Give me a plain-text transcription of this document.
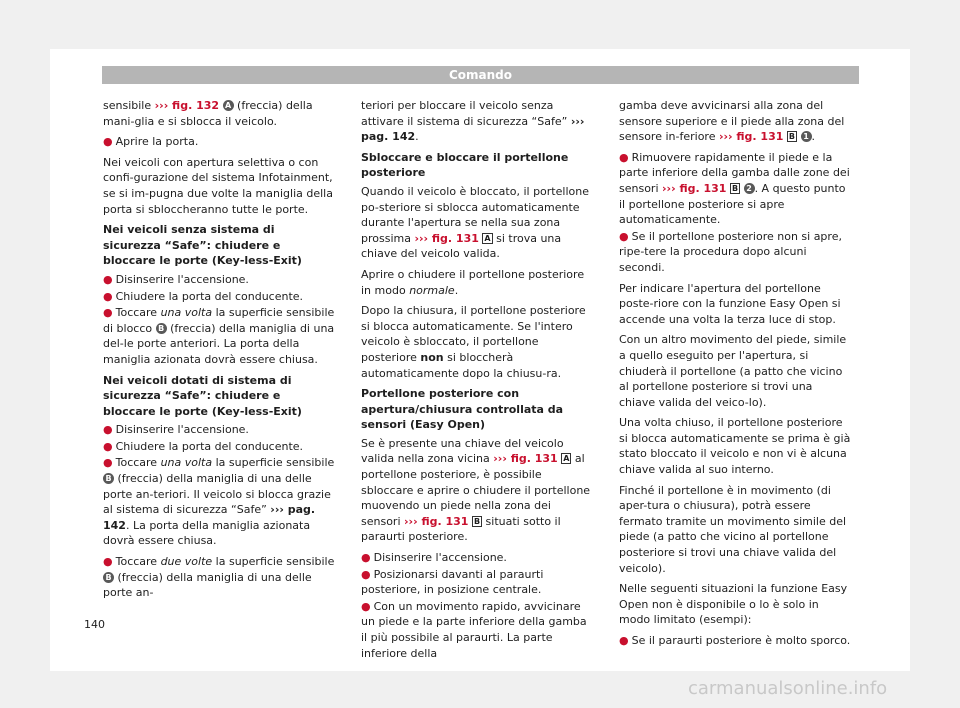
Comando

sensibile ››› fig. 132 A (freccia) della mani-glia e si sblocca il veicolo.

● Aprire la porta.

Nei veicoli con apertura selettiva o con confi-gurazione del sistema Infotainment, se si im-pugna due volte la maniglia della porta si sbloccheranno tutte le porte.

Nei veicoli senza sistema di sicurezza “Safe”: chiudere e bloccare le porte (Key-less-Exit)

● Disinserire l'accensione.

● Chiudere la porta del conducente.

● Toccare una volta la superficie sensibile di blocco B (freccia) della maniglia di una del-le porte anteriori. La porta della maniglia azionata dovrà essere chiusa.

Nei veicoli dotati di sistema di sicurezza “Safe”: chiudere e bloccare le porte (Key-less-Exit)

● Disinserire l'accensione.

● Chiudere la porta del conducente.

● Toccare una volta la superficie sensibile B (freccia) della maniglia di una delle porte an-teriori. Il veicolo si blocca grazie al sistema di sicurezza “Safe” ››› pag. 142. La porta della maniglia azionata dovrà essere chiusa.

● Toccare due volte la superficie sensibile B (freccia) della maniglia di una delle porte an-

teriori per bloccare il veicolo senza attivare il sistema di sicurezza “Safe” ››› pag. 142.

Sbloccare e bloccare il portellone posteriore

Quando il veicolo è bloccato, il portellone po-steriore si sblocca automaticamente durante l'apertura se nella sua zona prossima ››› fig. 131 A si trova una chiave del veicolo valida.

Aprire o chiudere il portellone posteriore in modo normale.

Dopo la chiusura, il portellone posteriore si blocca automaticamente. Se l'intero veicolo è sbloccato, il portellone posteriore non si bloccherà automaticamente dopo la chiusu-ra.

Portellone posteriore con apertura/chiusura controllata da sensori (Easy Open)

Se è presente una chiave del veicolo valida nella zona vicina ››› fig. 131 A al portellone posteriore, è possibile sbloccare e aprire o chiudere il portellone muovendo un piede nella zona dei sensori ››› fig. 131 B situati sotto il paraurti posteriore.

● Disinserire l'accensione.

● Posizionarsi davanti al paraurti posteriore, in posizione centrale.

● Con un movimento rapido, avvicinare un piede e la parte inferiore della gamba il più possibile al paraurti. La parte inferiore della

gamba deve avvicinarsi alla zona del sensore superiore e il piede alla zona del sensore in-feriore ››› fig. 131 B 1 .

● Rimuovere rapidamente il piede e la parte inferiore della gamba dalle zone dei sensori ››› fig. 131 B 2 . A questo punto il portellone posteriore si apre automaticamente.

● Se il portellone posteriore non si apre, ripe-tere la procedura dopo alcuni secondi.

Per indicare l'apertura del portellone poste-riore con la funzione Easy Open si accende una volta la terza luce di stop.

Con un altro movimento del piede, simile a quello eseguito per l'apertura, si chiuderà il portellone (a patto che vicino al portellone posteriore si trovi una chiave valida del veico-lo).

Una volta chiuso, il portellone posteriore si blocca automaticamente se prima è già stato bloccato il veicolo e non vi è alcuna chiave valida al suo interno.

Finché il portellone è in movimento (di aper-tura o chiusura), potrà essere fermato tramite un movimento simile del piede (a patto che vicino al portellone posteriore si trovi una chiave valida del veicolo).

Nelle seguenti situazioni la funzione Easy Open non è disponibile o lo è solo in modo limitato (esempi):

● Se il paraurti posteriore è molto sporco.

140
carmanualsonline.info
